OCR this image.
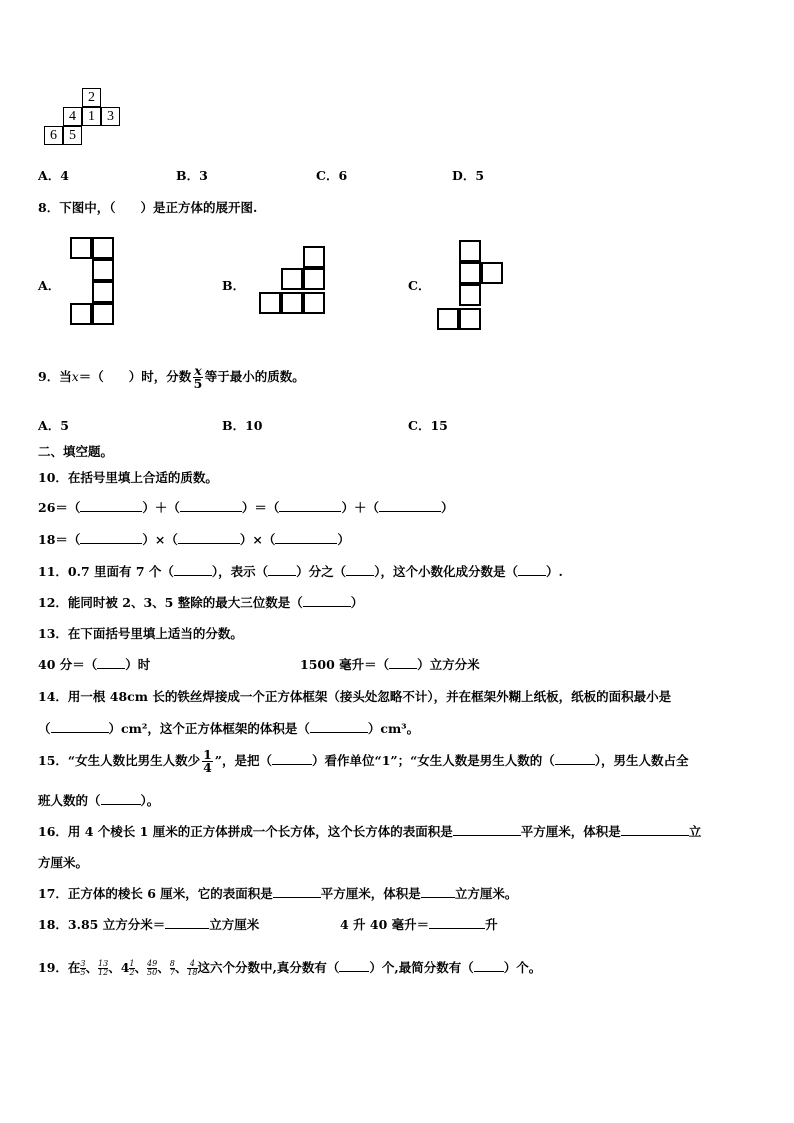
2
4 1 3
6 5
A．4	B．3	C．6	D．5
8．下图中，（　　）是正方体的展开图.
A．	B．	C．
9．当x＝（　　）时，分数 $\frac{x}{5}$ 等于最小的质数。
A．5	B．10	C．15
二、填空题。
10．在括号里填上合适的质数。
26＝（	）＋（	）＝（	）＋（	）
18＝（	）×（	）×（	）
11．0.7 里面有 7 个（	），表示（ ）分之（ ），这个小数化成分数是（ ）.
12．能同时被 2、3、5 整除的最大三位数是（	）
13．在下面括号里填上适当的分数。
40 分＝（ ）时	1500 毫升＝（ ）立方分米
14．用一根 48cm 长的铁丝焊接成一个正方体框架（接头处忽略不计），并在框架外糊上纸板，纸板的面积最小是
（	）cm²，这个正方体框架的体积是（	）cm³。
15．“女生人数比男生人数少 $\frac{1}{4}$ ”，是把（	）看作单位“1”；“女生人数是男生人数的（	），男生人数占全
班人数的（	）。
16．用 4 个棱长 1 厘米的正方体拼成一个长方体，这个长方体的表面积是	平方厘米，体积是	立
方厘米。
17．正方体的棱长 6 厘米，它的表面积是	平方厘米，体积是	立方厘米。
18．3.85 立方分米＝	立方厘米	4 升 40 毫升＝	升
19．在 $\frac{3}{5}$ 、 $\frac{13}{12}$ 、$4 \frac{1}{2}$ 、 $\frac{49}{50}$ 、 $\frac{8}{7}$ 、 $\frac{4}{18}$ 这六个分数中,真分数有（ ）个,最简分数有（ ）个。
